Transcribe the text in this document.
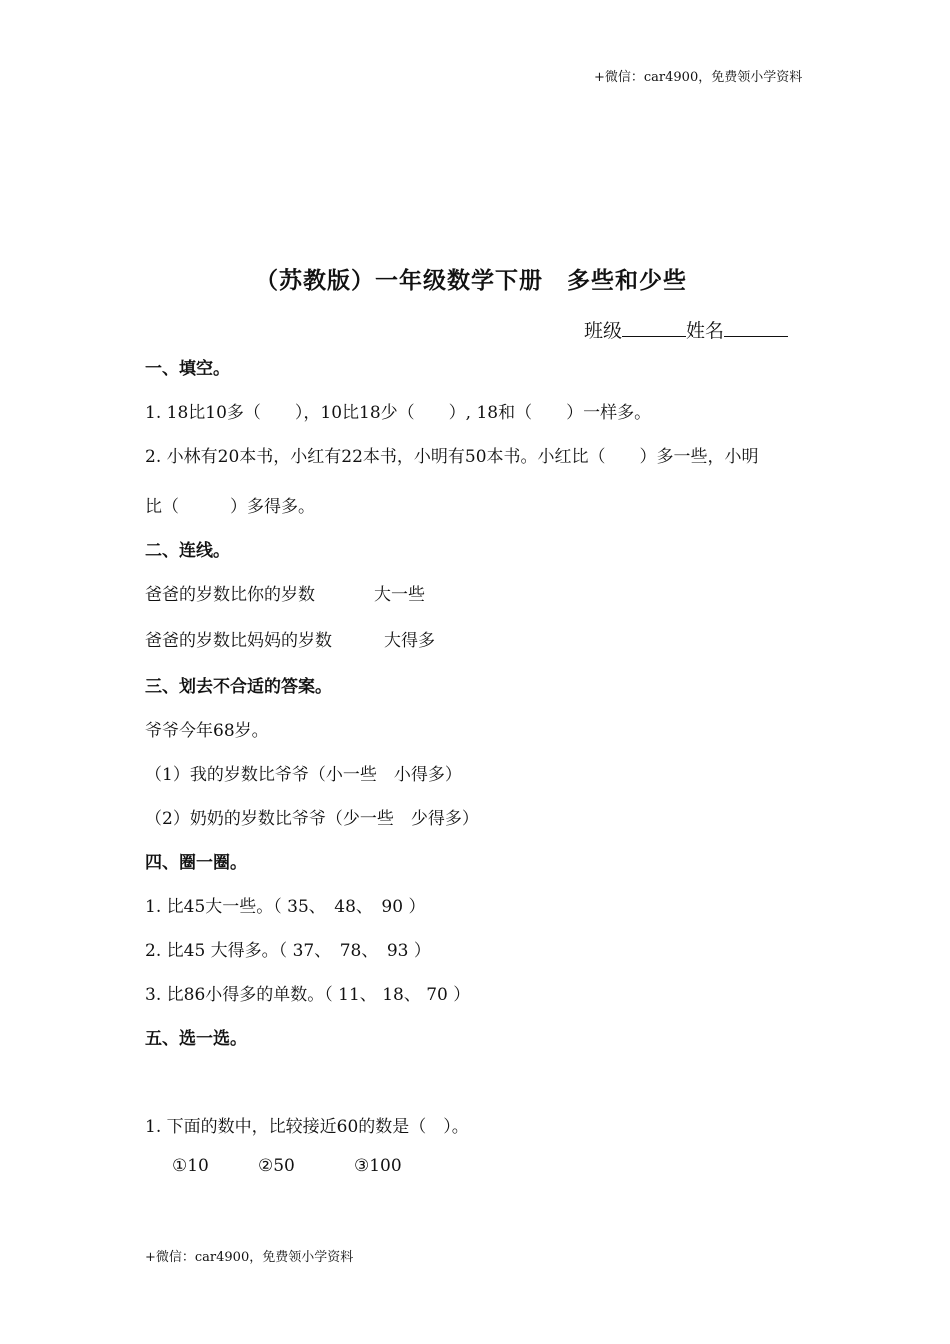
+微信：car4900，免费领小学资料
（苏教版）一年级数学下册　多些和少些
班级	姓名
一、填空。
1. 18比10多（　　），10比18少（　　）, 18和（　　）一样多。
2. 小林有20本书，小红有22本书，小明有50本书。小红比（　　）多一些，小明
比（　　　）多得多。
二、连线。
爸爸的岁数比你的岁数	大一些
爸爸的岁数比妈妈的岁数	大得多
三、划去不合适的答案。
爷爷今年68岁。
（1）我的岁数比爷爷（小一些　小得多）
（2）奶奶的岁数比爷爷（少一些　少得多）
四、圈一圈。
1. 比45大一些。（ 35、　48、　90 ）
2. 比45 大得多。（ 37、　78、　93 ）
3. 比86小得多的单数。（ 11、 18、 70 ）
五、选一选。
1. 下面的数中，比较接近60的数是（　）。
①10	②50	③100
+微信：car4900，免费领小学资料
